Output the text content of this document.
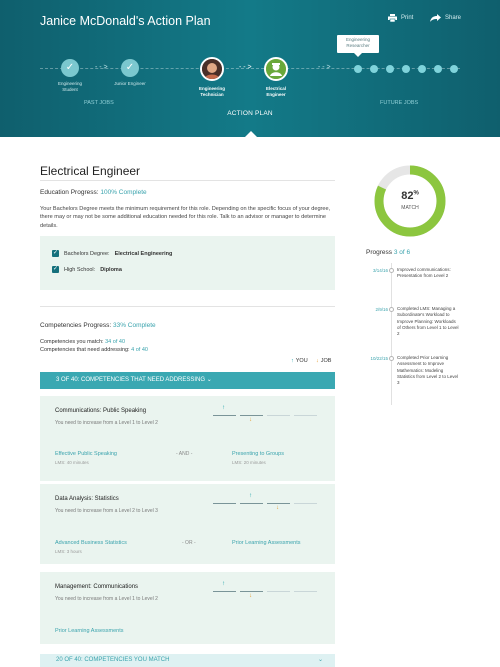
Janice McDonald's Action Plan	Print	Share
✓
Engineering Student
- - >	✓
Junior Engineer
Engineering Technician
- - >
Electrical Engineer
- - >
Engineering Researcher
PAST JOBS	FUTURE JOBS
ACTION PLAN
Electrical Engineer
Education Progress: 100% Complete
Your Bachelors Degree meets the minimum requirement for this role. Depending on the specific focus of your degree, there may or may not be some additional education needed for this role. Talk to an advisor or manager to determine details.
✓ Bachelors Degree: Electrical Engineering
✓ High School: Diploma
Competencies Progress: 33% Complete
Competencies you match: 34 of 40
Competencies that need addressing: 4 of 40
↑ YOU ↓ JOB
3 OF 40: COMPETENCIES THAT NEED ADDRESSING ⌄
Communications: Public Speaking
You need to increase from a Level 1 to Level 2
↑
↓
Effective Public Speaking
LMS: 40 minutes
- AND -	Presenting to Groups
LMS: 20 minutes
Data Analysis: Statistics
You need to increase from a Level 2 to Level 3
↑
↓
Advanced Business Statistics
LMS: 3 hours
- OR -	Prior Learning Assessments
Management: Communications
You need to increase from a Level 1 to Level 2
↑
↓
Prior Learning Assessments
20 OF 40: COMPETENCIES YOU MATCH	⌄
82%
MATCH
Progress 3 of 6
3/14/16 Improved communications: Presentation from Level 2
2/9/16 Completed LMS: Managing a Subordinate's Workload to Improve Planning: Workloads of Others from Level 1 to Level 2
10/22/15 Completed Prior Learning Assessment to Improve Mathematics: Modeling Statistics from Level 2 to Level 3
